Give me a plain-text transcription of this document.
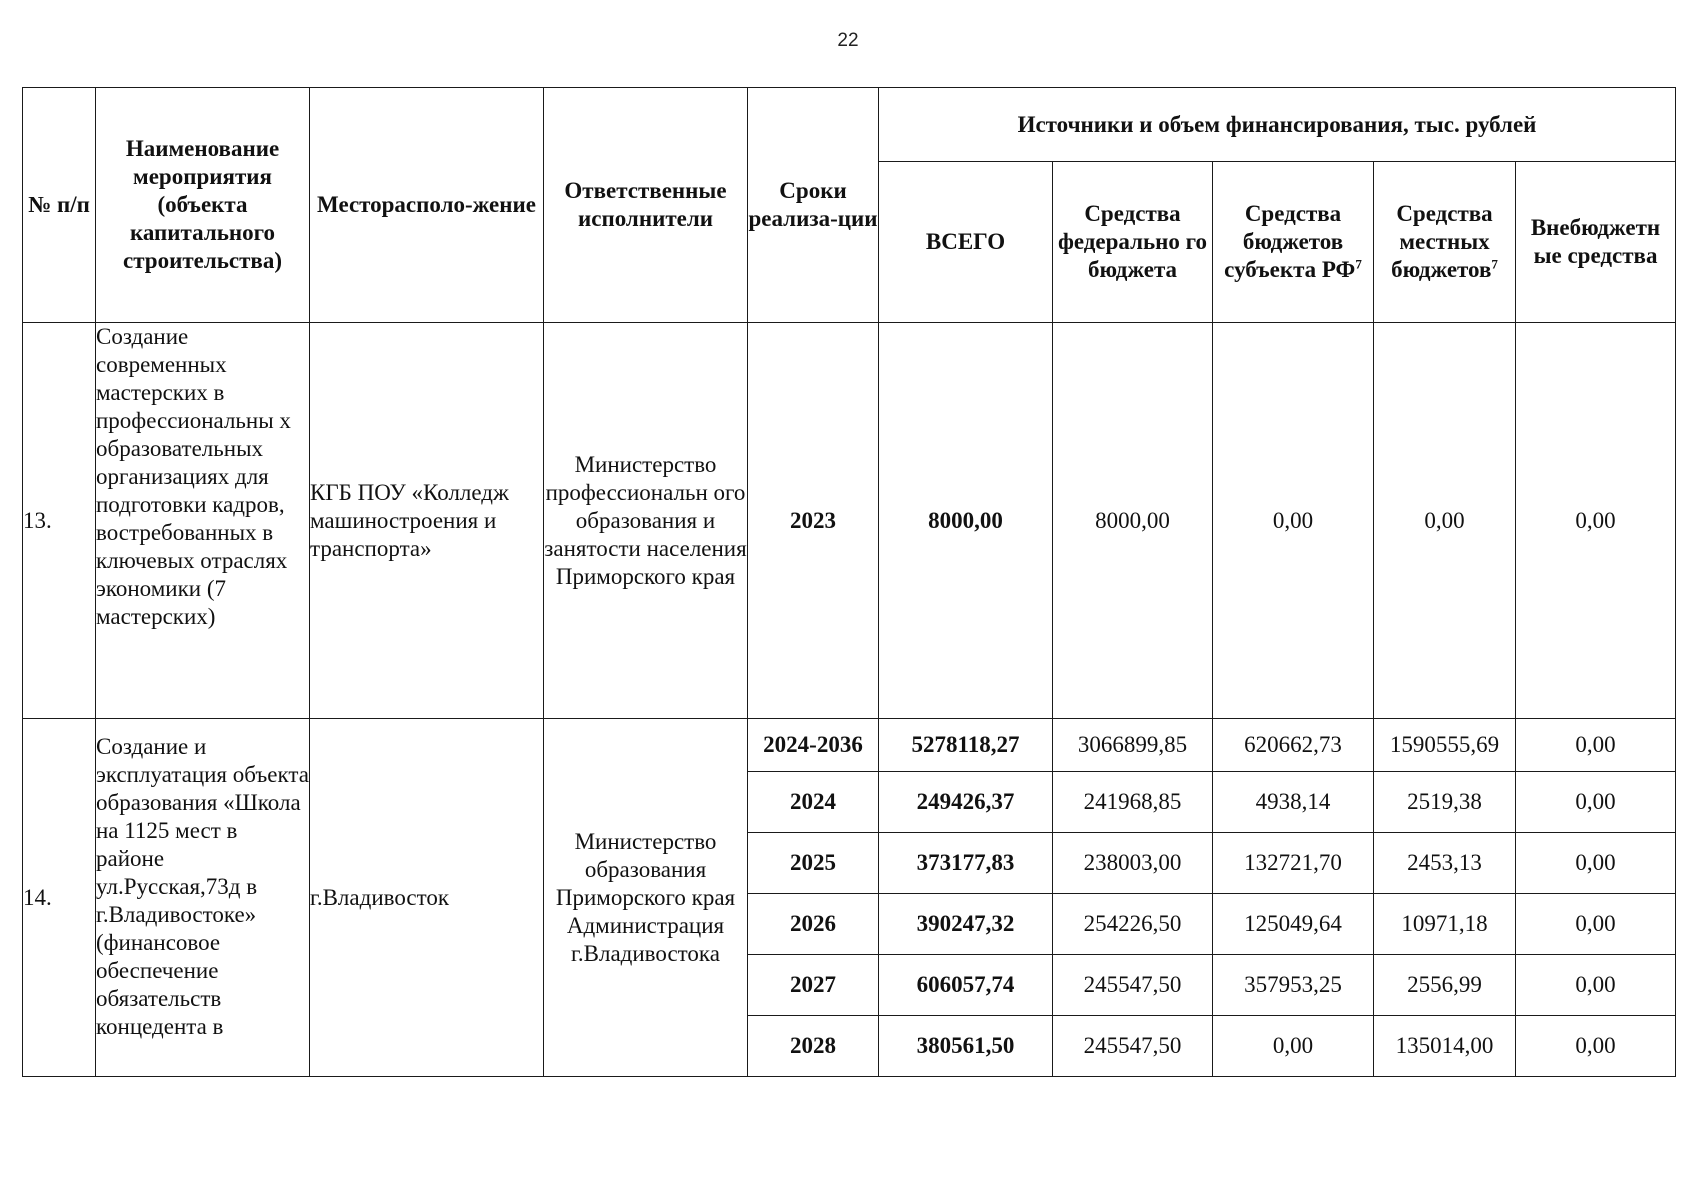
22
№ п/п	Наименование мероприятия (объекта капитального строительства)	Месторасполо-жение	Ответственные исполнители	Сроки реализа-ции	Источники и объем финансирования, тыс. рублей				
					ВСЕГО	Средства федерально го бюджета	Средства бюджетов субъекта $РФ^7$	Средства местных бюджетов$^7$	Внебюджетн ые средства
13.	Создание современных мастерских в профессиональны х образовательных организациях для подготовки кадров, востребованных в ключевых отраслях экономики (7 мастерских)	КГБ ПОУ «Колледж машиностроения и транспорта»	Министерство профессиональн ого образования и занятости населения Приморского края	2023	8000,00	8000,00	0,00	0,00	0,00
14.	Создание и эксплуатация объекта образования «Школа на 1125 мест в районе ул.Русская,73д в г.Владивостоке» (финансовое обеспечение обязательств концедента в	г.Владивосток	Министерство образования Приморского края Администрация г.Владивостока	2024-2036	5278118,27	3066899,85	620662,73	1590555,69	0,00
				2024	249426,37	241968,85	4938,14	2519,38	0,00
				2025	373177,83	238003,00	132721,70	2453,13	0,00
				2026	390247,32	254226,50	125049,64	10971,18	0,00
				2027	606057,74	245547,50	357953,25	2556,99	0,00
				2028	380561,50	245547,50	0,00	135014,00	0,00
